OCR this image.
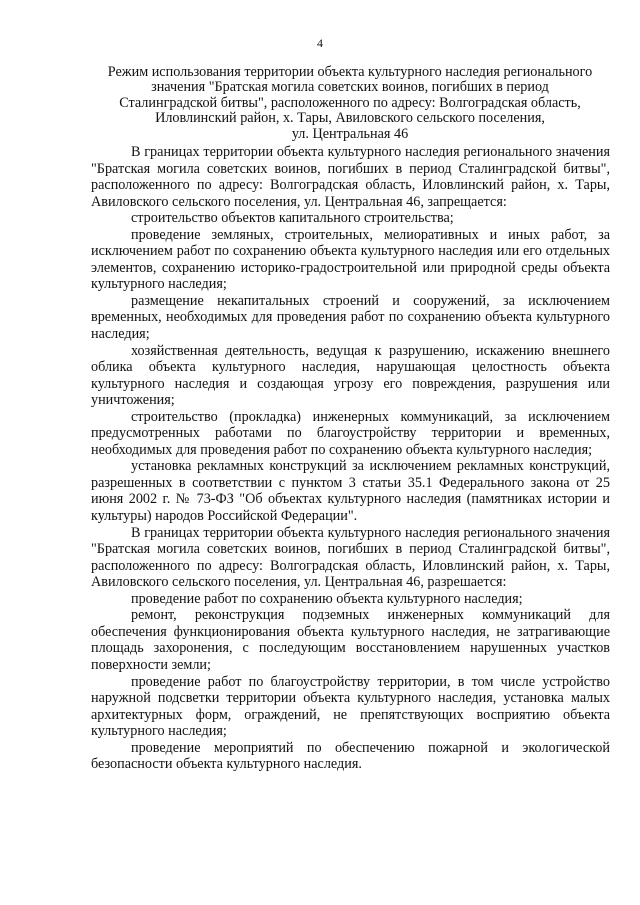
4
Режим использования территории объекта культурного наследия регионального
значения "Братская могила советских воинов, погибших в период
Сталинградской битвы", расположенного по адресу: Волгоградская область,
Иловлинский район, х. Тары, Авиловского сельского поселения,
ул. Центральная 46

В границах территории объекта культурного наследия регионального значения "Братская могила советских воинов, погибших в период Сталинградской битвы", расположенного по адресу: Волгоградская область, Иловлинский район, х. Тары, Авиловского сельского поселения, ул. Центральная 46, запрещается:

строительство объектов капитального строительства;

проведение земляных, строительных, мелиоративных и иных работ, за исключением работ по сохранению объекта культурного наследия или его отдельных элементов, сохранению историко-градостроительной или природной среды объекта культурного наследия;

размещение некапитальных строений и сооружений, за исключением временных, необходимых для проведения работ по сохранению объекта культурного наследия;

хозяйственная деятельность, ведущая к разрушению, искажению внешнего облика объекта культурного наследия, нарушающая целостность объекта культурного наследия и создающая угрозу его повреждения, разрушения или уничтожения;

строительство (прокладка) инженерных коммуникаций, за исключением предусмотренных работами по благоустройству территории и временных, необходимых для проведения работ по сохранению объекта культурного наследия;

установка рекламных конструкций за исключением рекламных конструкций, разрешенных в соответствии с пунктом 3 статьи 35.1 Федерального закона от 25 июня 2002 г. № 73-ФЗ "Об объектах культурного наследия (памятниках истории и культуры) народов Российской Федерации".

В границах территории объекта культурного наследия регионального значения "Братская могила советских воинов, погибших в период Сталинградской битвы", расположенного по адресу: Волгоградская область, Иловлинский район, х. Тары, Авиловского сельского поселения, ул. Центральная 46, разрешается:

проведение работ по сохранению объекта культурного наследия;

ремонт, реконструкция подземных инженерных коммуникаций для обеспечения функционирования объекта культурного наследия, не затрагивающие площадь захоронения, с последующим восстановлением нарушенных участков поверхности земли;

проведение работ по благоустройству территории, в том числе устройство наружной подсветки территории объекта культурного наследия, установка малых архитектурных форм, ограждений, не препятствующих восприятию объекта культурного наследия;

проведение мероприятий по обеспечению пожарной и экологической безопасности объекта культурного наследия.
